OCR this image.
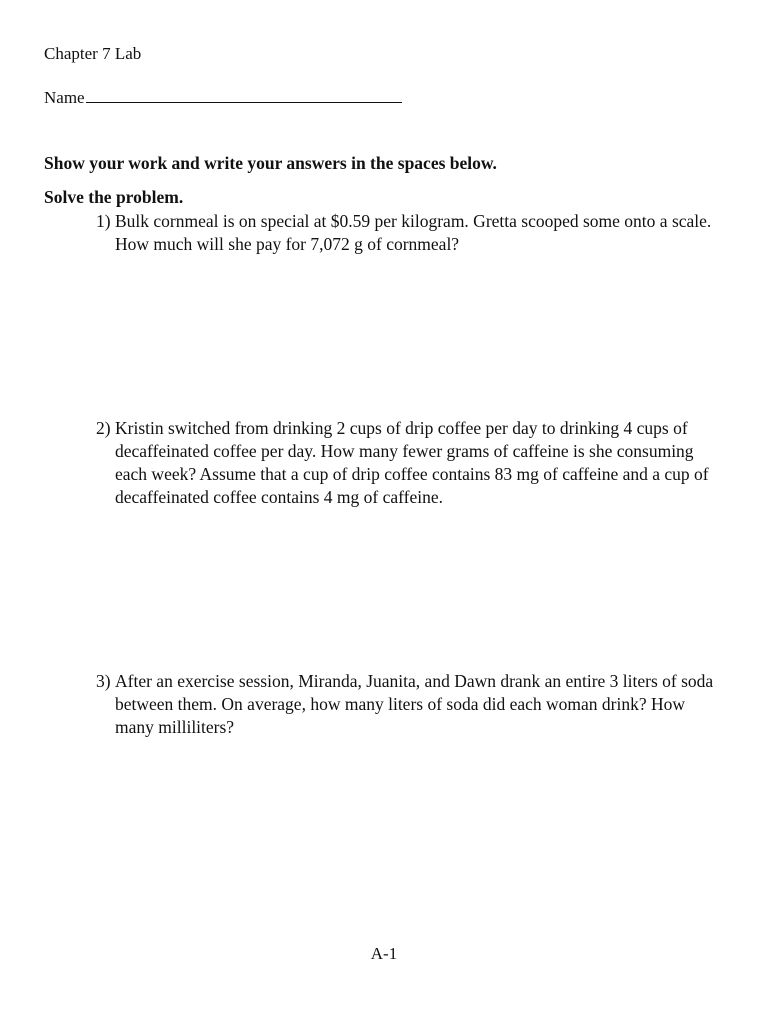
Chapter 7 Lab
Name
Show your work and write your answers in the spaces below.
Solve the problem.
1) Bulk cornmeal is on special at $0.59 per kilogram. Gretta scooped some onto a scale. How much will she pay for 7,072 g of cornmeal?
2) Kristin switched from drinking 2 cups of drip coffee per day to drinking 4 cups of decaffeinated coffee per day. How many fewer grams of caffeine is she consuming each week? Assume that a cup of drip coffee contains 83 mg of caffeine and a cup of decaffeinated coffee contains 4 mg of caffeine.
3) After an exercise session, Miranda, Juanita, and Dawn drank an entire 3 liters of soda between them. On average, how many liters of soda did each woman drink? How many milliliters?
A-1
